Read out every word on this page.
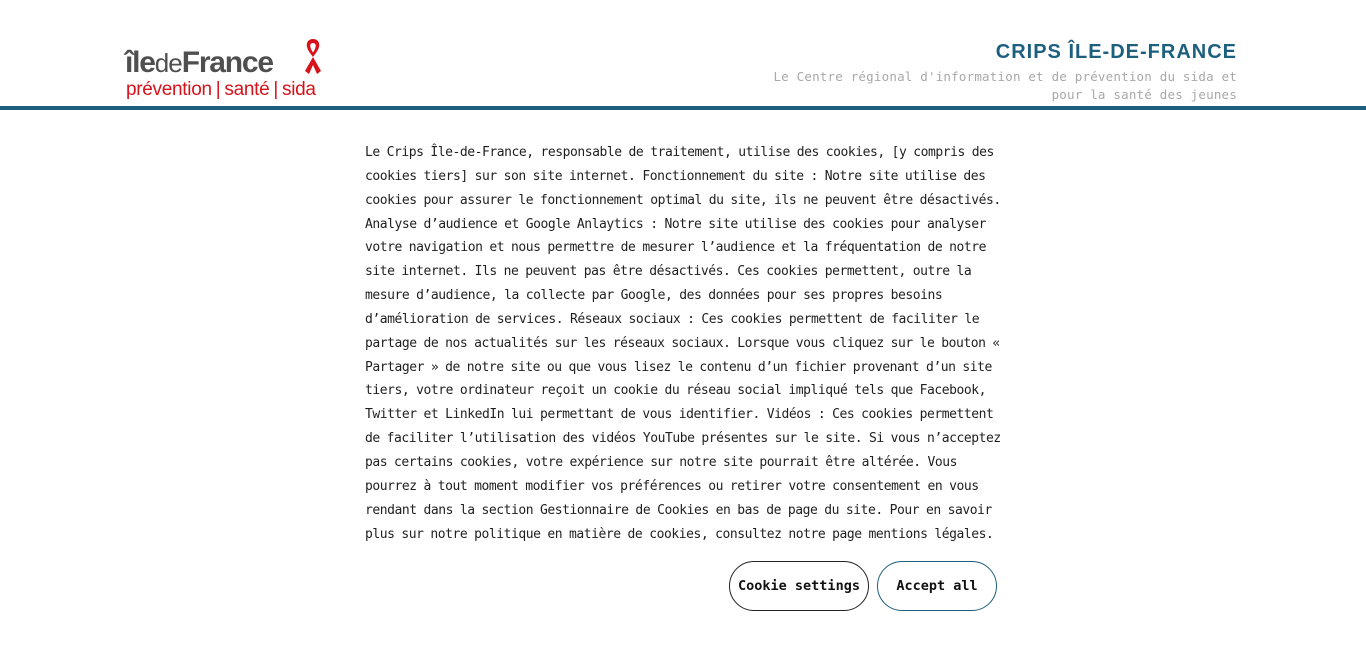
îledeFrance
prévention | santé | sida
CRIPS ÎLE-DE-FRANCE
Le Centre régional d'information et de prévention du sida et
pour la santé des jeunes

Le Crips Île-de-France, responsable de traitement, utilise des cookies, [y compris des cookies tiers] sur son site internet. Fonctionnement du site : Notre site utilise des cookies pour assurer le fonctionnement optimal du site, ils ne peuvent être désactivés. Analyse d’audience et Google Anlaytics : Notre site utilise des cookies pour analyser votre navigation et nous permettre de mesurer l’audience et la fréquentation de notre site internet. Ils ne peuvent pas être désactivés. Ces cookies permettent, outre la mesure d’audience, la collecte par Google, des données pour ses propres besoins d’amélioration de services. Réseaux sociaux : Ces cookies permettent de faciliter le partage de nos actualités sur les réseaux sociaux. Lorsque vous cliquez sur le bouton « Partager » de notre site ou que vous lisez le contenu d’un fichier provenant d’un site tiers, votre ordinateur reçoit un cookie du réseau social impliqué tels que Facebook, Twitter et LinkedIn lui permettant de vous identifier. Vidéos : Ces cookies permettent de faciliter l’utilisation des vidéos YouTube présentes sur le site. Si vous n’acceptez pas certains cookies, votre expérience sur notre site pourrait être altérée. Vous pourrez à tout moment modifier vos préférences ou retirer votre consentement en vous rendant dans la section Gestionnaire de Cookies en bas de page du site. Pour en savoir plus sur notre politique en matière de cookies, consultez notre page mentions légales.

Cookie settings	Accept all
